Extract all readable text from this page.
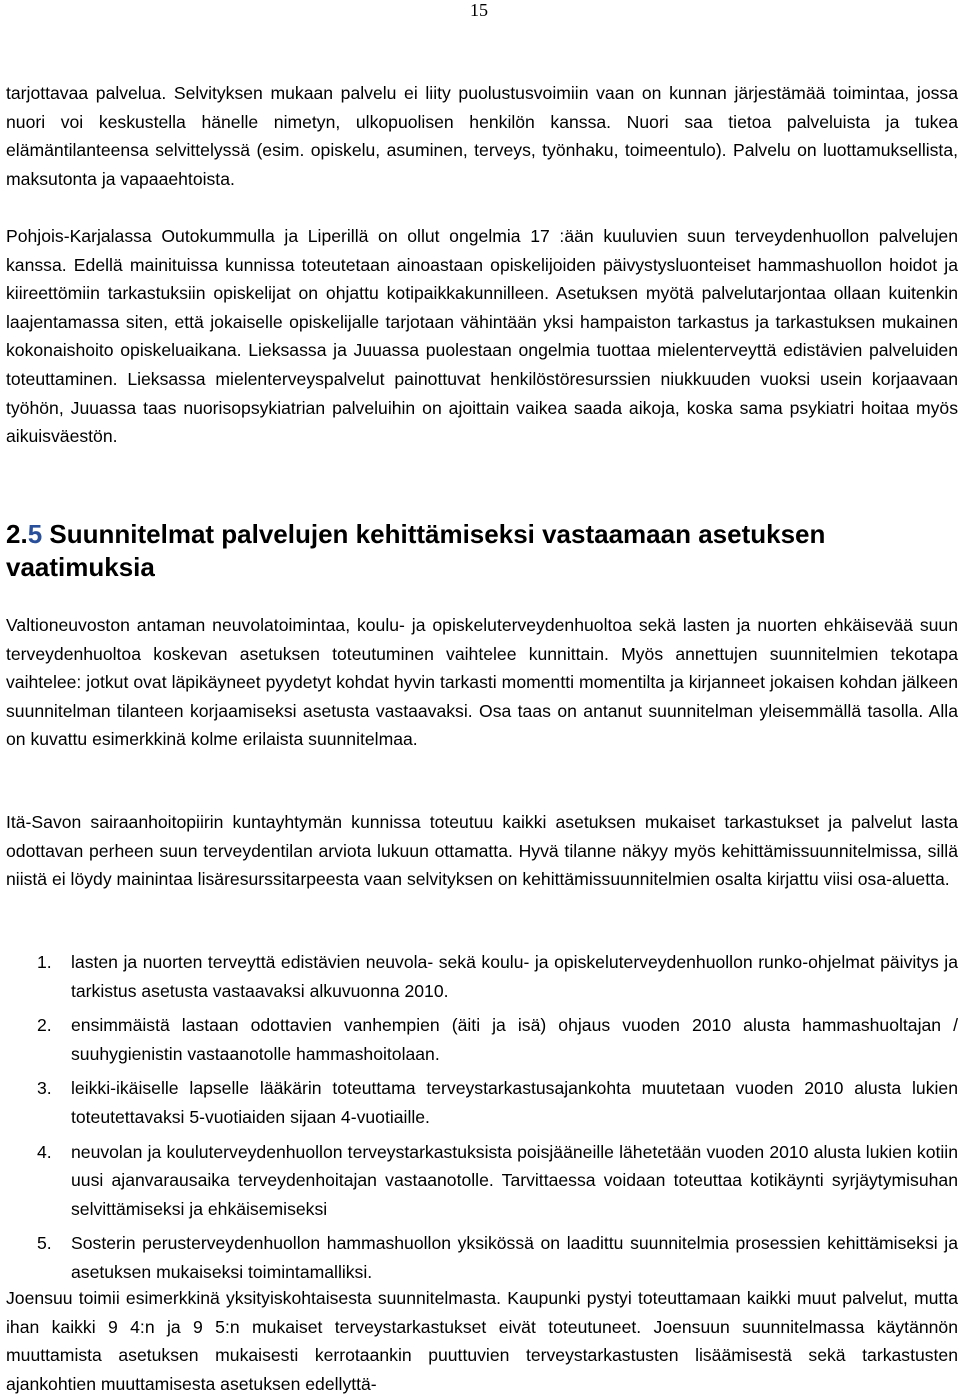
15

tarjottavaa palvelua. Selvityksen mukaan palvelu ei liity puolustusvoimiin vaan on kunnan järjestämää toimintaa, jossa nuori voi keskustella hänelle nimetyn, ulkopuolisen henkilön kanssa. Nuori saa tietoa palveluista ja tukea elämäntilanteensa selvittelyssä (esim. opiskelu, asuminen, terveys, työnhaku, toimeentulo). Palvelu on luottamuksellista, maksutonta ja vapaaehtoista.

Pohjois-Karjalassa Outokummulla ja Liperillä on ollut ongelmia 17 :ään kuuluvien suun terveydenhuollon palvelujen kanssa. Edellä mainituissa kunnissa toteutetaan ainoastaan opiskelijoiden päivystysluonteiset hammashuollon hoidot ja kiireettömiin tarkastuksiin opiskelijat on ohjattu kotipaikkakunnilleen. Asetuksen myötä palvelutarjontaa ollaan kuitenkin laajentamassa siten, että jokaiselle opiskelijalle tarjotaan vähintään yksi hampaiston tarkastus ja tarkastuksen mukainen kokonaishoito opiskeluaikana. Lieksassa ja Juuassa puolestaan ongelmia tuottaa mielenterveyttä edistävien palveluiden toteuttaminen. Lieksassa mielenterveyspalvelut painottuvat henkilöstöresurssien niukkuuden vuoksi usein korjaavaan työhön, Juuassa taas nuorisopsykiatrian palveluihin on ajoittain vaikea saada aikoja, koska sama psykiatri hoitaa myös aikuisväestön.

2.5 Suunnitelmat palvelujen kehittämiseksi vastaamaan asetuksen vaatimuksia

Valtioneuvoston antaman neuvolatoimintaa, koulu- ja opiskeluterveydenhuoltoa sekä lasten ja nuorten ehkäisevää suun terveydenhuoltoa koskevan asetuksen toteutuminen vaihtelee kunnittain. Myös annettujen suunnitelmien tekotapa vaihtelee: jotkut ovat läpikäyneet pyydetyt kohdat hyvin tarkasti momentti momentilta ja kirjanneet jokaisen kohdan jälkeen suunnitelman tilanteen korjaamiseksi asetusta vastaavaksi. Osa taas on antanut suunnitelman yleisemmällä tasolla. Alla on kuvattu esimerkkinä kolme erilaista suunnitelmaa.

Itä-Savon sairaanhoitopiirin kuntayhtymän kunnissa toteutuu kaikki asetuksen mukaiset tarkastukset ja palvelut lasta odottavan perheen suun terveydentilan arviota lukuun ottamatta. Hyvä tilanne näkyy myös kehittämissuunnitelmissa, sillä niistä ei löydy mainintaa lisäresurssitarpeesta vaan selvityksen on kehittämissuunnitelmien osalta kirjattu viisi osa-aluetta.

1. lasten ja nuorten terveyttä edistävien neuvola- sekä koulu- ja opiskeluterveydenhuollon runko-ohjelmat päivitys ja tarkistus asetusta vastaavaksi alkuvuonna 2010.
2. ensimmäistä lastaan odottavien vanhempien (äiti ja isä) ohjaus vuoden 2010 alusta hammashuoltajan / suuhygienistin vastaanotolle hammashoitolaan.
3. leikki-ikäiselle lapselle lääkärin toteuttama terveystarkastusajankohta muutetaan vuoden 2010 alusta lukien toteutettavaksi 5-vuotiaiden sijaan 4-vuotiaille.
4. neuvolan ja kouluterveydenhuollon terveystarkastuksista poisjääneille lähetetään vuoden 2010 alusta lukien kotiin uusi ajanvarausaika terveydenhoitajan vastaanotolle. Tarvittaessa voidaan toteuttaa kotikäynti syrjäytymisuhan selvittämiseksi ja ehkäisemiseksi
5. Sosterin perusterveydenhuollon hammashuollon yksikössä on laadittu suunnitelmia prosessien kehittämiseksi ja asetuksen mukaiseksi toimintamalliksi.

Joensuu toimii esimerkkinä yksityiskohtaisesta suunnitelmasta. Kaupunki pystyi toteuttamaan kaikki muut palvelut, mutta ihan kaikki 9 4:n ja 9 5:n mukaiset terveystarkastukset eivät toteutuneet. Joensuun suunnitelmassa käytännön muuttamista asetuksen mukaisesti kerrotaankin puuttuvien terveystarkastusten lisäämisestä sekä tarkastusten ajankohtien muuttamisesta asetuksen edellyttä-
